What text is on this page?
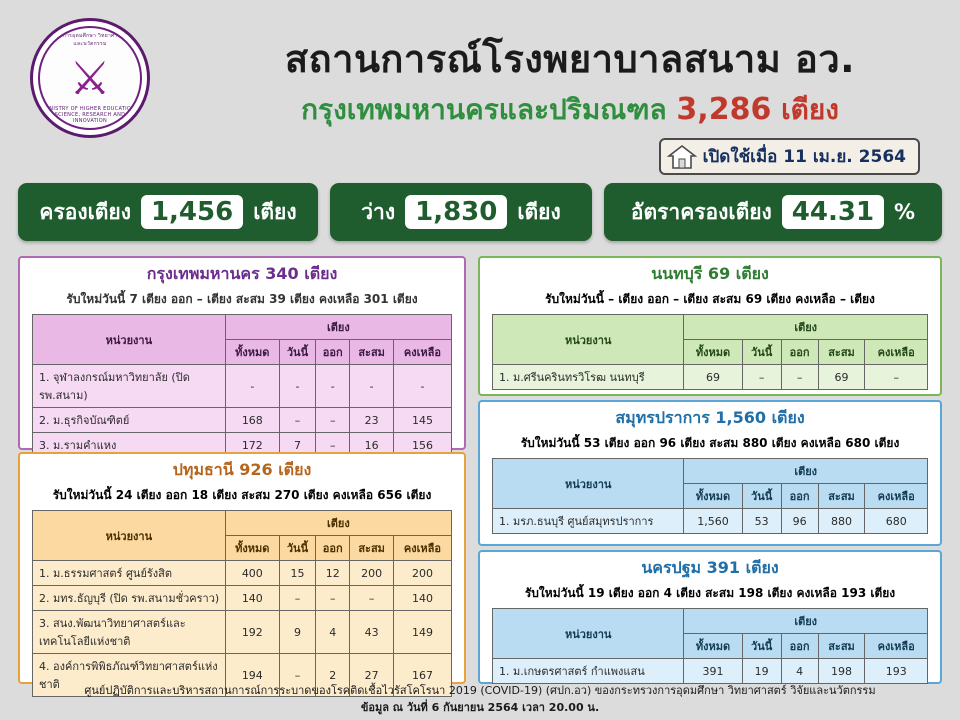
กระทรวงการอุดมศึกษา วิทยาศาสตร์ วิจัยและนวัตกรรม
MINISTRY OF HIGHER EDUCATION, SCIENCE, RESEARCH AND INNOVATION
⚔	สถานการณ์โรงพยาบาลสนาม อว.
กรุงเทพมหานครและปริมณฑล 3,286 เตียง
เปิดใช้เมื่อ 11 เม.ย. 2564
ครองเตียง 1,456 เตียง	ว่าง 1,830 เตียง	อัตราครองเตียง 44.31 %
กรุงเทพมหานคร 340 เตียง
รับใหม่วันนี้ 7 เตียง ออก – เตียง สะสม 39 เตียง คงเหลือ 301 เตียง
หน่วยงาน	เตียง				
	ทั้งหมด	วันนี้	ออก	สะสม	คงเหลือ
1. จุฬาลงกรณ์มหาวิทยาลัย (ปิด รพ.สนาม)	-	-	-	-	-
2. ม.ธุรกิจบัณฑิตย์	168	–	–	23	145
3. ม.รามคำแหง	172	7	–	16	156
ปทุมธานี 926 เตียง
รับใหม่วันนี้ 24 เตียง ออก 18 เตียง สะสม 270 เตียง คงเหลือ 656 เตียง
หน่วยงาน	เตียง				
	ทั้งหมด	วันนี้	ออก	สะสม	คงเหลือ
1. ม.ธรรมศาสตร์ ศูนย์รังสิต	400	15	12	200	200
2. มทร.ธัญบุรี (ปิด รพ.สนามชั่วคราว)	140	–	–	–	140
3. สนง.พัฒนาวิทยาศาสตร์และเทคโนโลยีแห่งชาติ	192	9	4	43	149
4. องค์การพิพิธภัณฑ์วิทยาศาสตร์แห่งชาติ	194	–	2	27	167
นนทบุรี 69 เตียง
รับใหม่วันนี้ – เตียง ออก – เตียง สะสม 69 เตียง คงเหลือ – เตียง
หน่วยงาน	เตียง				
	ทั้งหมด	วันนี้	ออก	สะสม	คงเหลือ
1. ม.ศรีนครินทรวิโรฒ นนทบุรี	69	–	–	69	–
สมุทรปราการ 1,560 เตียง
รับใหม่วันนี้ 53 เตียง ออก 96 เตียง สะสม 880 เตียง คงเหลือ 680 เตียง
หน่วยงาน	เตียง				
	ทั้งหมด	วันนี้	ออก	สะสม	คงเหลือ
1. มรภ.ธนบุรี ศูนย์สมุทรปราการ	1,560	53	96	880	680
นครปฐม 391 เตียง
รับใหม่วันนี้ 19 เตียง ออก 4 เตียง สะสม 198 เตียง คงเหลือ 193 เตียง
หน่วยงาน	เตียง				
	ทั้งหมด	วันนี้	ออก	สะสม	คงเหลือ
1. ม.เกษตรศาสตร์ กำแพงแสน	391	19	4	198	193
ศูนย์ปฏิบัติการและบริหารสถานการณ์การระบาดของโรคติดเชื้อไวรัสโคโรนา 2019 (COVID-19) (ศปก.อว) ของกระทรวงการอุดมศึกษา วิทยาศาสตร์ วิจัยและนวัตกรรม
ข้อมูล ณ วันที่ 6 กันยายน 2564 เวลา 20.00 น.
